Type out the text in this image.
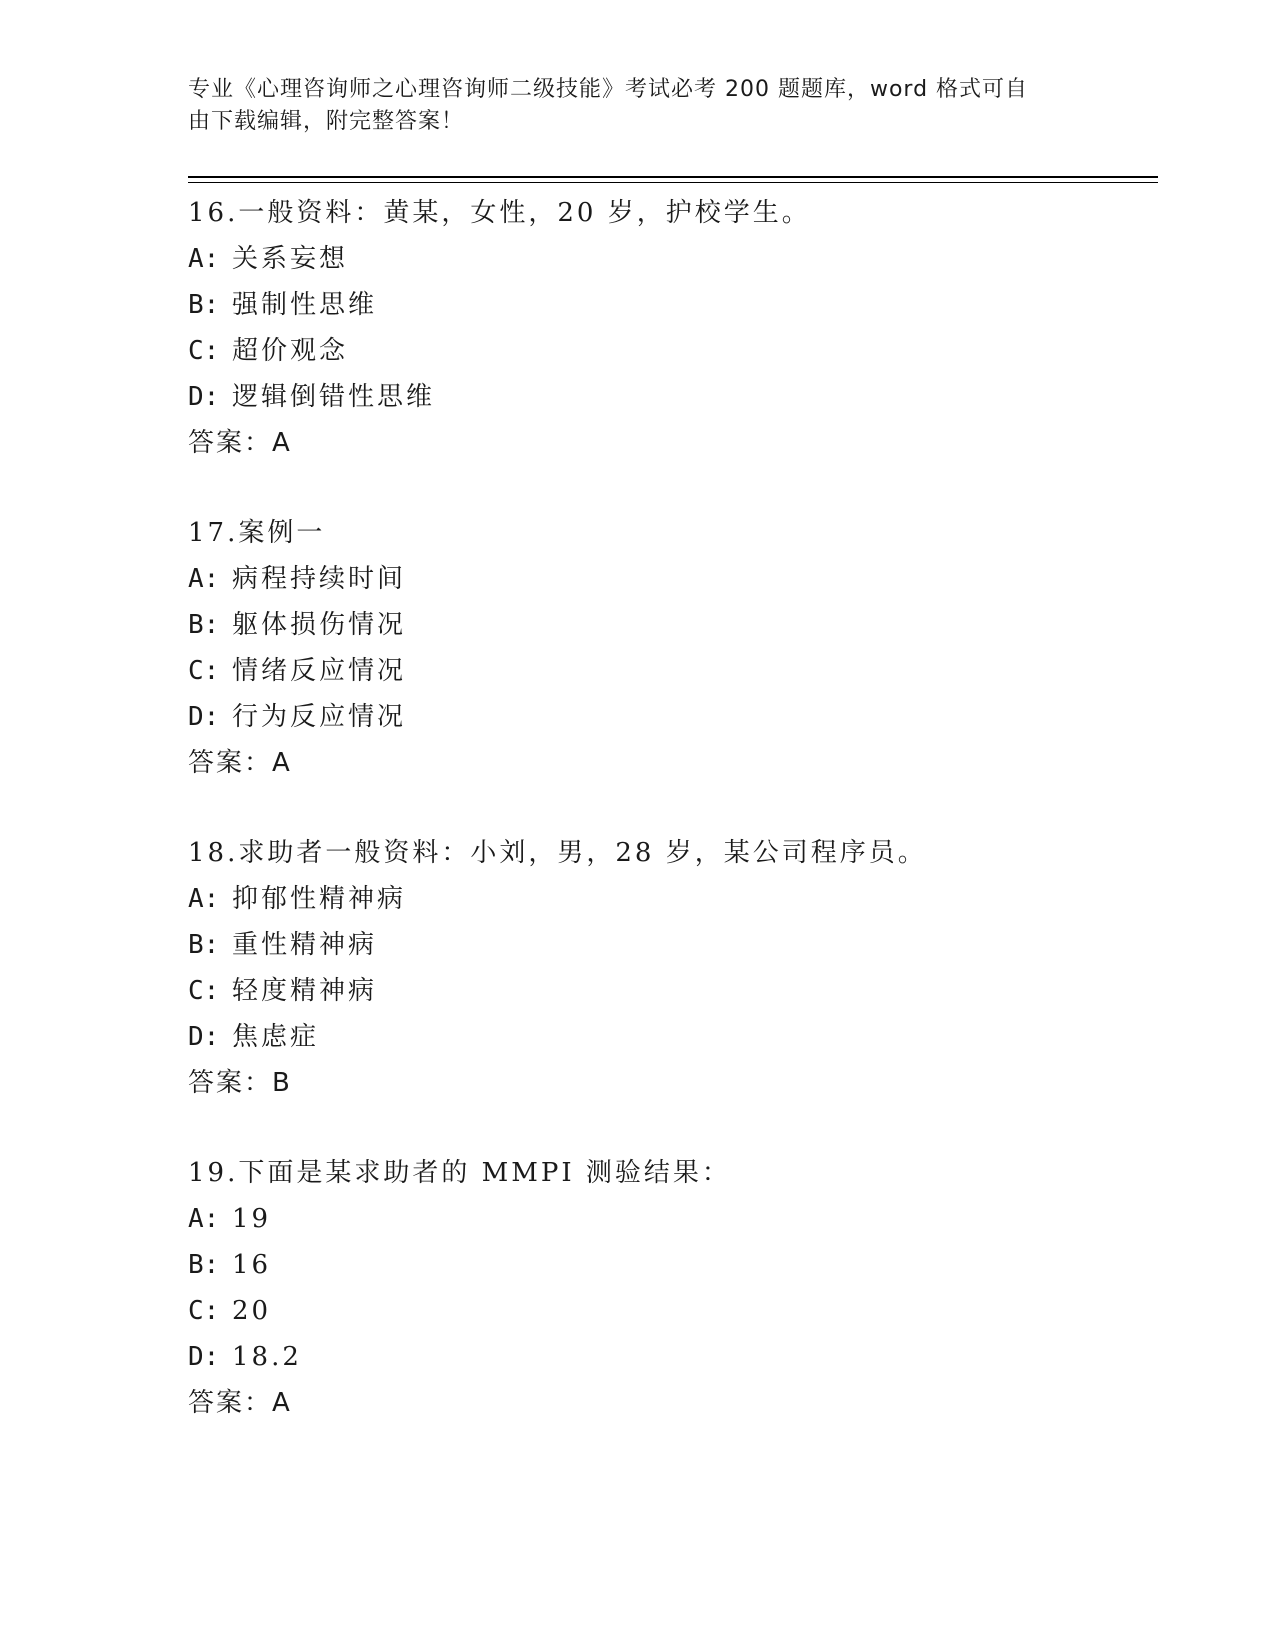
专业《心理咨询师之心理咨询师二级技能》考试必考 200 题题库，word 格式可自
由下载编辑，附完整答案！
16.一般资料：黄某，女性，20 岁，护校学生。
A: 关系妄想
B: 强制性思维
C: 超价观念
D: 逻辑倒错性思维
答案：A
17.案例一
A: 病程持续时间
B: 躯体损伤情况
C: 情绪反应情况
D: 行为反应情况
答案：A
18.求助者一般资料：小刘，男，28 岁，某公司程序员。
A: 抑郁性精神病
B: 重性精神病
C: 轻度精神病
D: 焦虑症
答案：B
19.下面是某求助者的 MMPI 测验结果：
A: 19
B: 16
C: 20
D: 18.2
答案：A
